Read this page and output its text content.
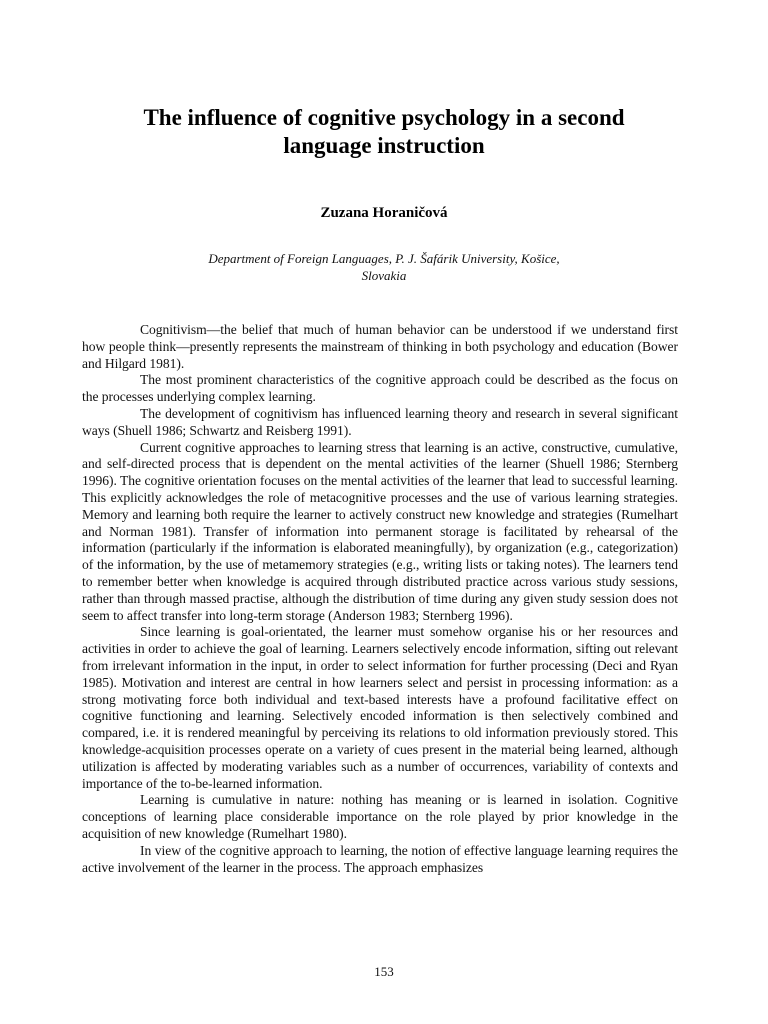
The influence of cognitive psychology in a second
language instruction

Zuzana Horaničová

Department of Foreign Languages, P. J. Šafárik University, Košice,
Slovakia

Cognitivism—the belief that much of human behavior can be understood if we understand first how people think—presently represents the mainstream of thinking in both psychology and education (Bower and Hilgard 1981).

The most prominent characteristics of the cognitive approach could be described as the focus on the processes underlying complex learning.

The development of cognitivism has influenced learning theory and research in several significant ways (Shuell 1986; Schwartz and Reisberg 1991).

Current cognitive approaches to learning stress that learning is an active, constructive, cumulative, and self-directed process that is dependent on the mental activities of the learner (Shuell 1986; Sternberg 1996). The cognitive orientation focuses on the mental activities of the learner that lead to successful learning. This explicitly acknowledges the role of metacognitive processes and the use of various learning strategies. Memory and learning both require the learner to actively construct new knowledge and strategies (Rumelhart and Norman 1981). Transfer of information into permanent storage is facilitated by rehearsal of the information (particularly if the information is elaborated meaningfully), by organization (e.g., categorization) of the information, by the use of metamemory strategies (e.g., writing lists or taking notes). The learners tend to remember better when knowledge is acquired through distributed practice across various study sessions, rather than through massed practise, although the distribution of time during any given study session does not seem to affect transfer into long-term storage (Anderson 1983; Sternberg 1996).

Since learning is goal-orientated, the learner must somehow organise his or her resources and activities in order to achieve the goal of learning. Learners selectively encode information, sifting out relevant from irrelevant information in the input, in order to select information for further processing (Deci and Ryan 1985). Motivation and interest are central in how learners select and persist in processing information: as a strong motivating force both individual and text-based interests have a profound facilitative effect on cognitive functioning and learning. Selectively encoded information is then selectively combined and compared, i.e. it is rendered meaningful by perceiving its relations to old information previously stored. This knowledge-acquisition processes operate on a variety of cues present in the material being learned, although utilization is affected by moderating variables such as a number of occurrences, variability of contexts and importance of the to-be-learned information.

Learning is cumulative in nature: nothing has meaning or is learned in isolation. Cognitive conceptions of learning place considerable importance on the role played by prior knowledge in the acquisition of new knowledge (Rumelhart 1980).

In view of the cognitive approach to learning, the notion of effective language learning requires the active involvement of the learner in the process. The approach emphasizes

153
